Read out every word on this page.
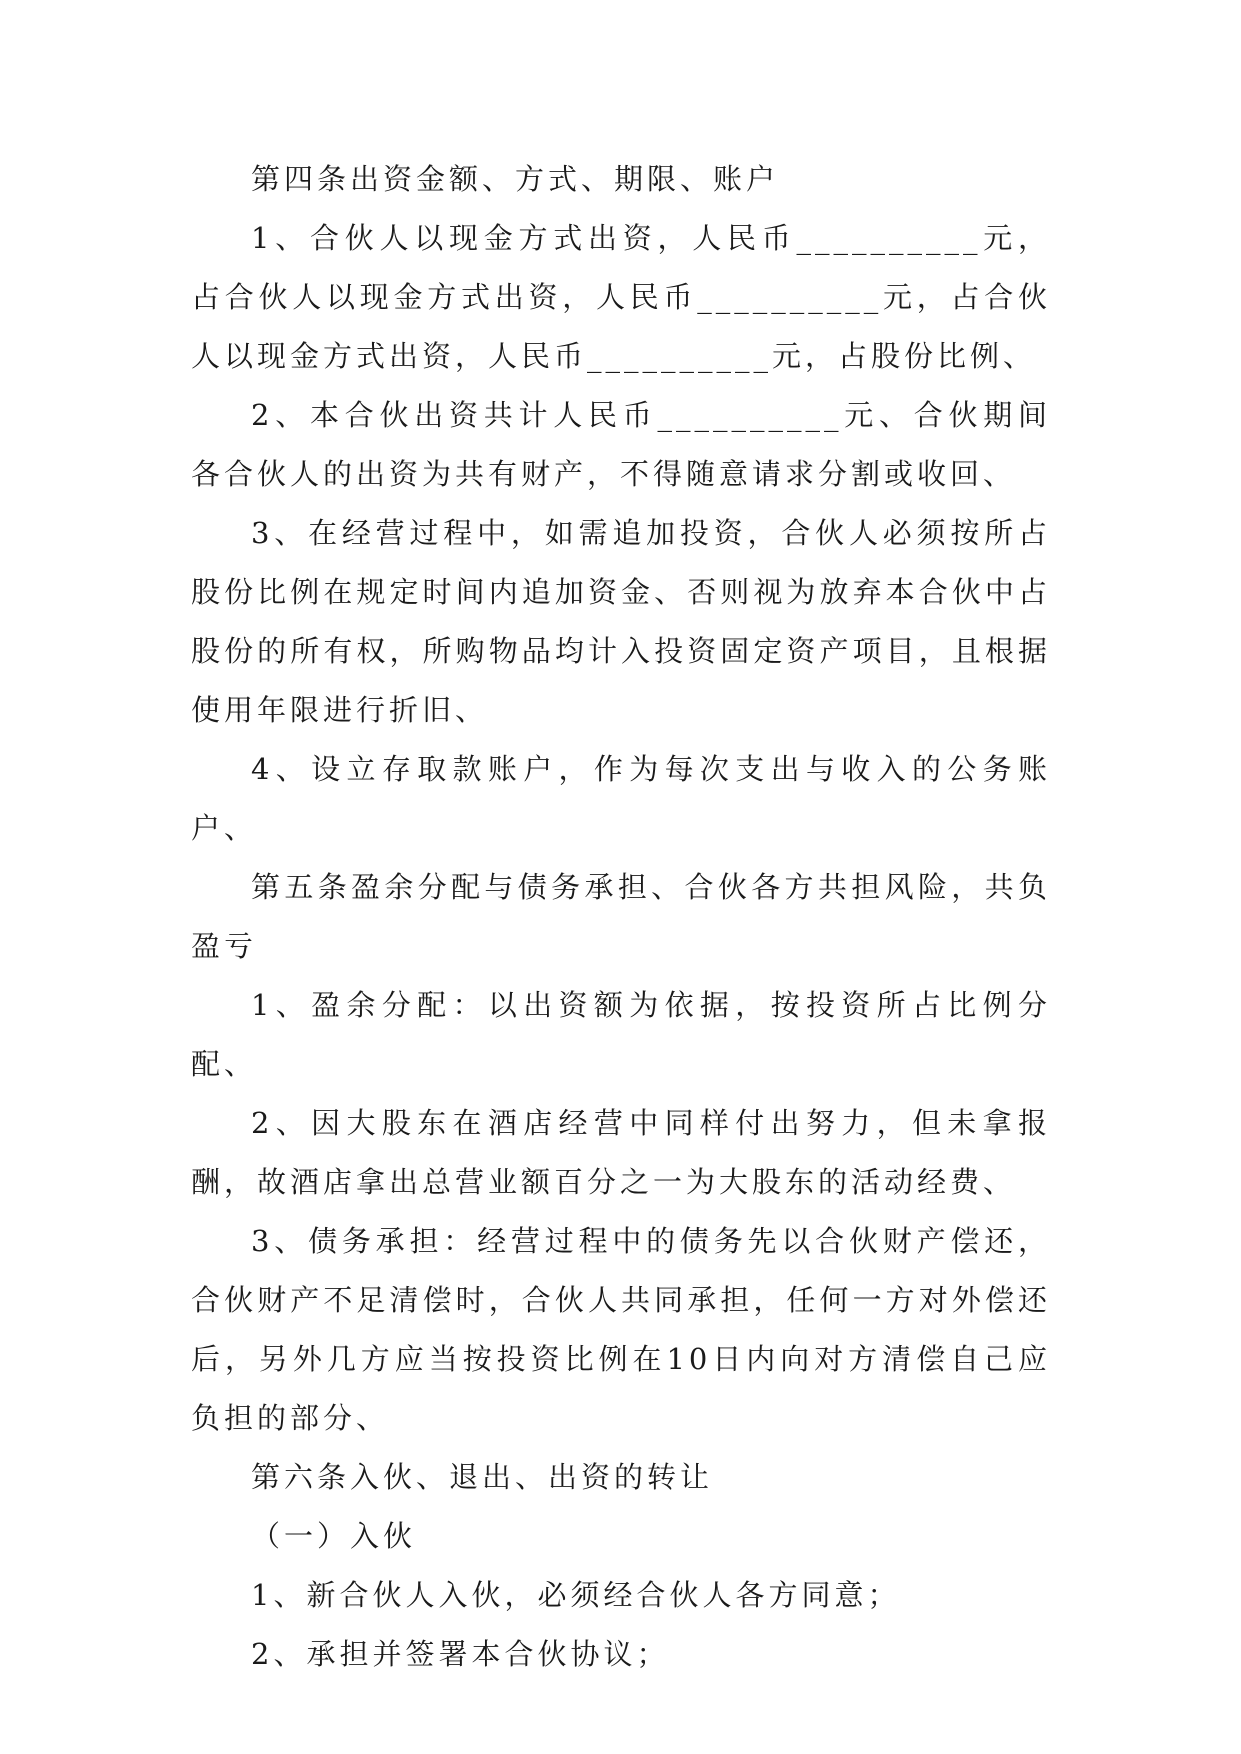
第四条出资金额、方式、期限、账户

1、合伙人以现金方式出资，人民币__________元，占合伙人以现金方式出资，人民币__________元，占合伙人以现金方式出资，人民币__________元，占股份比例、

2、本合伙出资共计人民币__________元、合伙期间各合伙人的出资为共有财产，不得随意请求分割或收回、

3、在经营过程中，如需追加投资，合伙人必须按所占股份比例在规定时间内追加资金、否则视为放弃本合伙中占股份的所有权，所购物品均计入投资固定资产项目，且根据使用年限进行折旧、

4、设立存取款账户，作为每次支出与收入的公务账户、

第五条盈余分配与债务承担、合伙各方共担风险，共负盈亏

1、盈余分配：以出资额为依据，按投资所占比例分配、

2、因大股东在酒店经营中同样付出努力，但未拿报酬，故酒店拿出总营业额百分之一为大股东的活动经费、

3、债务承担：经营过程中的债务先以合伙财产偿还，合伙财产不足清偿时，合伙人共同承担，任何一方对外偿还后，另外几方应当按投资比例在10日内向对方清偿自己应负担的部分、

第六条入伙、退出、出资的转让

（一）入伙

1、新合伙人入伙，必须经合伙人各方同意；

2、承担并签署本合伙协议；
